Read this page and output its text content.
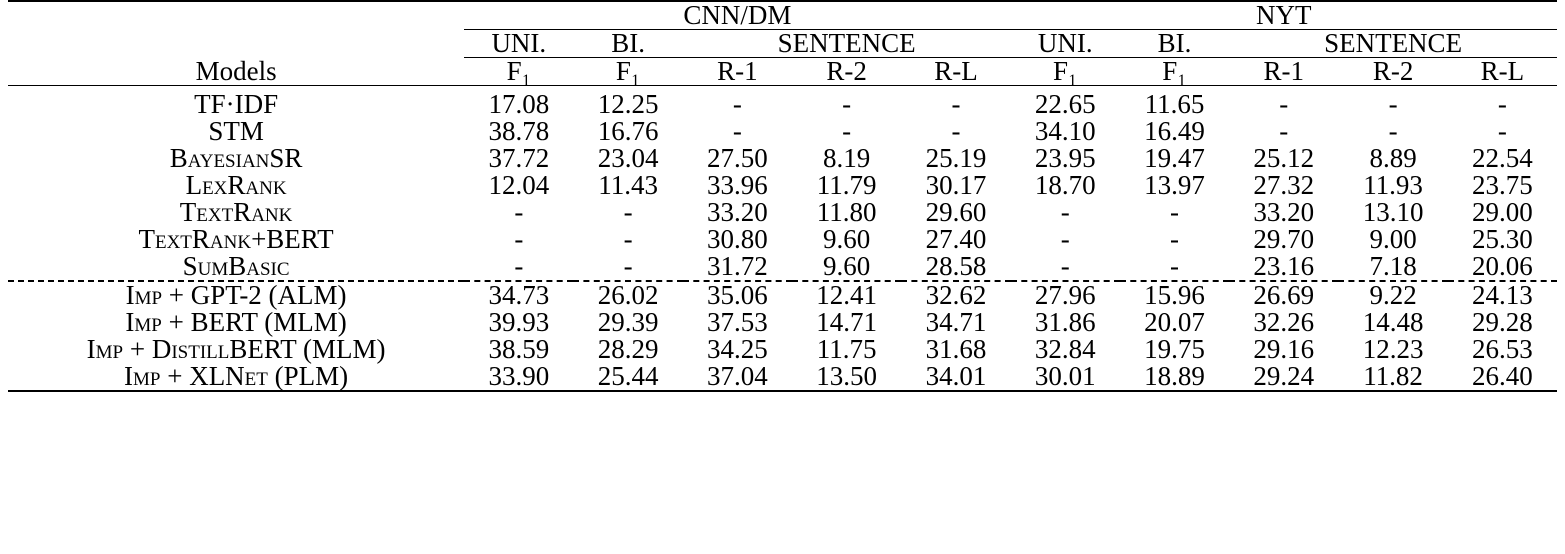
	CNN/DM					NYT				
	UNI.	BI.	SENTENCE			UNI.	BI.	SENTENCE		
Models	F₁	F₁	R-1	R-2	R-L	F₁	F₁	R-1	R-2	R-L

TF·IDF	17.08	12.25	-	-	-	22.65	11.65	-	-	-
STM	38.78	16.76	-	-	-	34.10	16.49	-	-	-
BayesianSR	37.72	23.04	27.50	8.19	25.19	23.95	19.47	25.12	8.89	22.54
LexRank	12.04	11.43	33.96	11.79	30.17	18.70	13.97	27.32	11.93	23.75
TextRank	-	-	33.20	11.80	29.60	-	-	33.20	13.10	29.00
TextRank+BERT	-	-	30.80	9.60	27.40	-	-	29.70	9.00	25.30
SumBasic	-	-	31.72	9.60	28.58	-	-	23.16	7.18	20.06
Imp + GPT-2 (ALM)	34.73	26.02	35.06	12.41	32.62	27.96	15.96	26.69	9.22	24.13
Imp + BERT (MLM)	39.93	29.39	37.53	14.71	34.71	31.86	20.07	32.26	14.48	29.28
Imp + DistillBERT (MLM)	38.59	28.29	34.25	11.75	31.68	32.84	19.75	29.16	12.23	26.53
Imp + XLNet (PLM)	33.90	25.44	37.04	13.50	34.01	30.01	18.89	29.24	11.82	26.40
